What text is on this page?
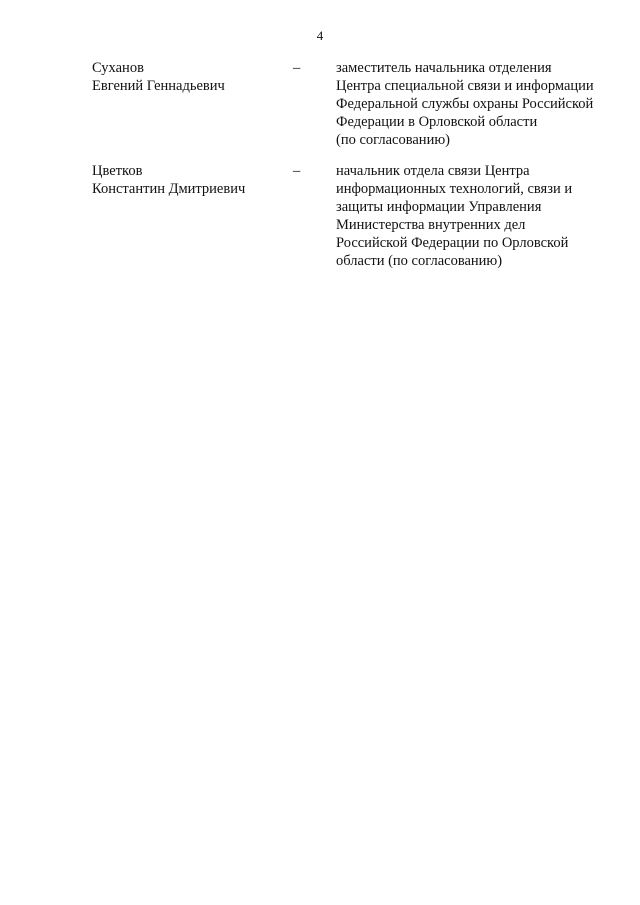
4
Суханов
Евгений Геннадьевич
– заместитель начальника отделения
Центра специальной связи и информации
Федеральной службы охраны Российской
Федерации в Орловской области
(по согласованию)
Цветков
Константин Дмитриевич
– начальник отдела связи Центра
информационных технологий, связи и
защиты информации Управления
Министерства внутренних дел
Российской Федерации по Орловской
области (по согласованию)
